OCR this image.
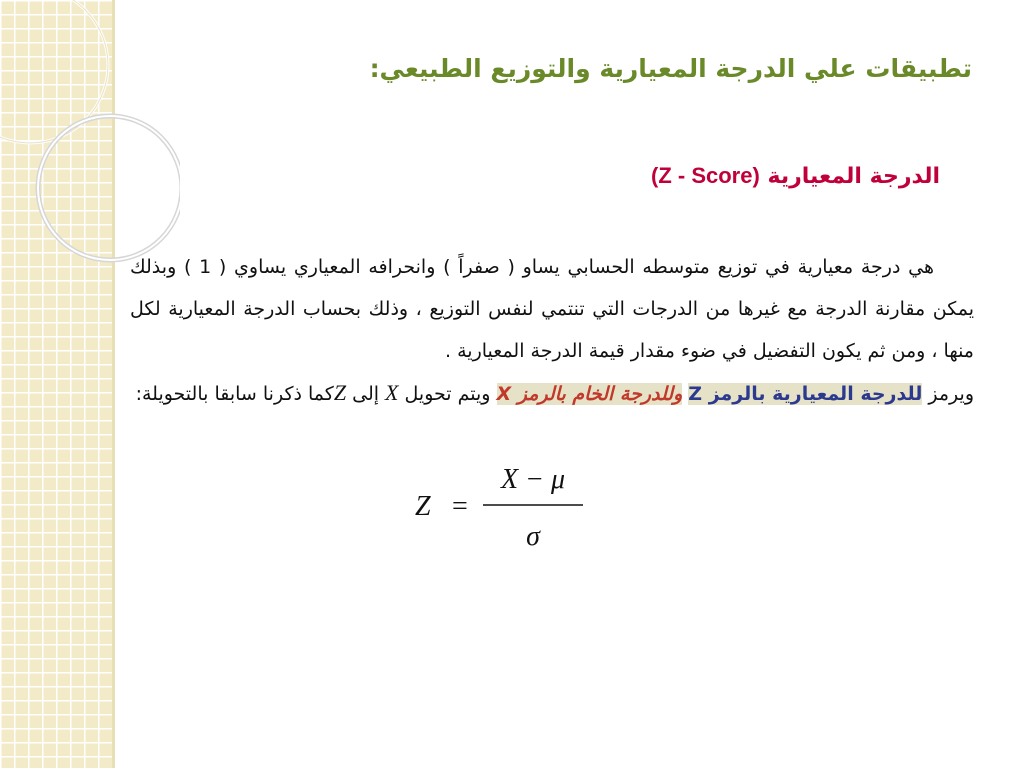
تطبيقات علي الدرجة المعيارية والتوزيع الطبيعي:
الدرجة المعيارية (Z - Score)

هي درجة معيارية في توزيع متوسطه الحسابي يساو ( صفراً ) وانحرافه المعياري يساوي ( 1 ) وبذلك يمكن مقارنة الدرجة مع غيرها من الدرجات التي تنتمي لنفس التوزيع ، وذلك بحساب الدرجة المعيارية لكل منها ، ومن ثم يكون التفضيل في ضوء مقدار قيمة الدرجة المعيارية .

ويرمز للدرجة المعيارية بالرمز Z وللدرجة الخام بالرمز X ويتم تحويل X إلى Zكما ذكرنا سابقا بالتحويلة:

Z =
X − μ
σ
